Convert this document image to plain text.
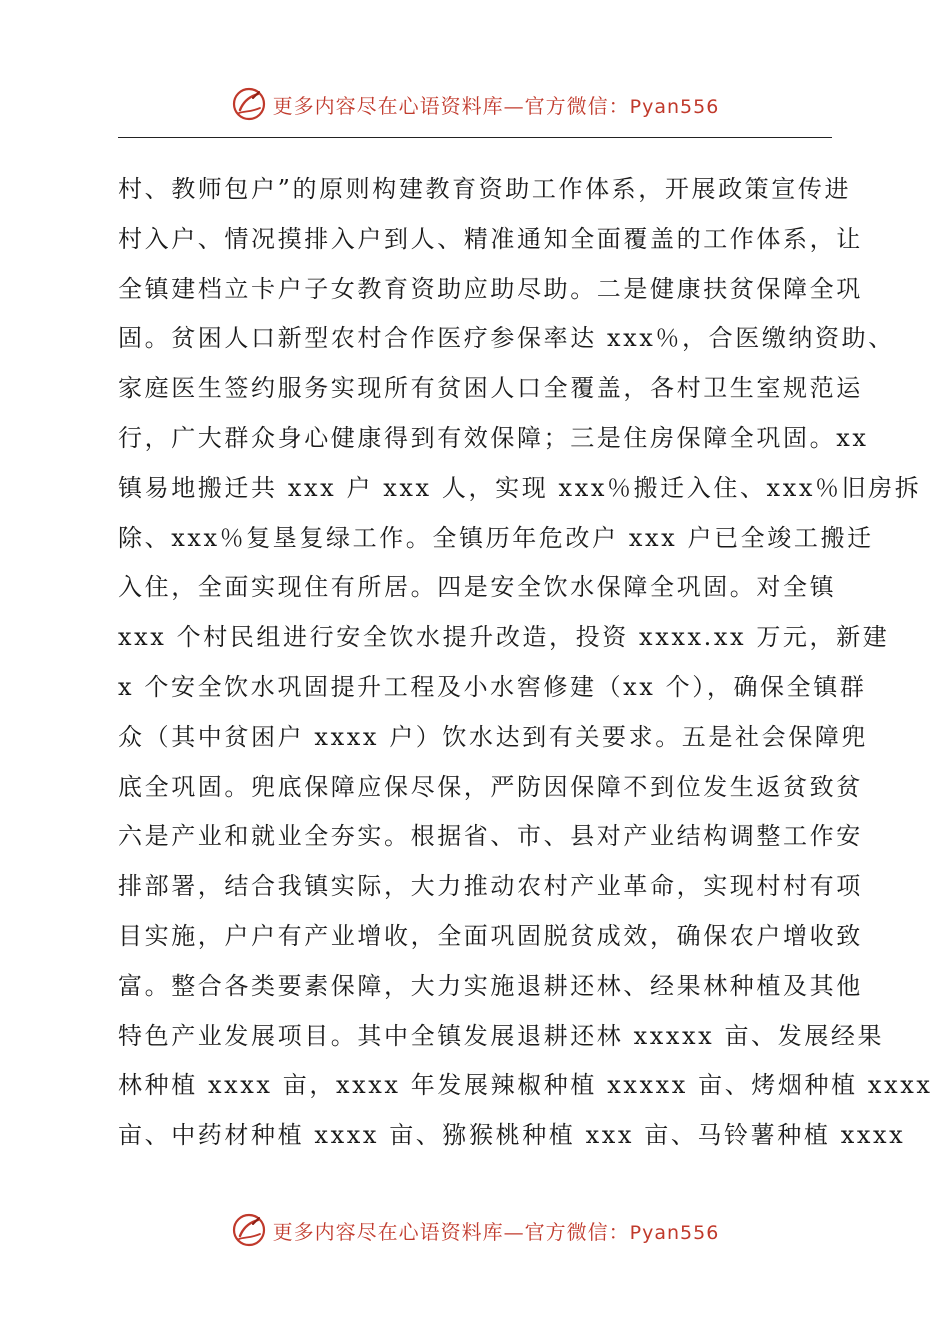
更多内容尽在心语资料库—官方微信：Pyan556
村、教师包户”的原则构建教育资助工作体系，开展政策宣传进
村入户、情况摸排入户到人、精准通知全面覆盖的工作体系，让
全镇建档立卡户子女教育资助应助尽助。二是健康扶贫保障全巩
固。贫困人口新型农村合作医疗参保率达 xxx％，合医缴纳资助、
家庭医生签约服务实现所有贫困人口全覆盖，各村卫生室规范运
行，广大群众身心健康得到有效保障；三是住房保障全巩固。xx
镇易地搬迁共 xxx 户 xxx 人，实现 xxx％搬迁入住、xxx％旧房拆
除、xxx％复垦复绿工作。全镇历年危改户 xxx 户已全竣工搬迁
入住，全面实现住有所居。四是安全饮水保障全巩固。对全镇
xxx 个村民组进行安全饮水提升改造，投资 xxxx.xx 万元，新建
x 个安全饮水巩固提升工程及小水窖修建（xx 个），确保全镇群
众（其中贫困户 xxxx 户）饮水达到有关要求。五是社会保障兜
底全巩固。兜底保障应保尽保，严防因保障不到位发生返贫致贫
六是产业和就业全夯实。根据省、市、县对产业结构调整工作安
排部署，结合我镇实际，大力推动农村产业革命，实现村村有项
目实施，户户有产业增收，全面巩固脱贫成效，确保农户增收致
富。整合各类要素保障，大力实施退耕还林、经果林种植及其他
特色产业发展项目。其中全镇发展退耕还林 xxxxx 亩、发展经果
林种植 xxxx 亩，xxxx 年发展辣椒种植 xxxxx 亩、烤烟种植 xxxx
亩、中药材种植 xxxx 亩、猕猴桃种植 xxx 亩、马铃薯种植 xxxx
更多内容尽在心语资料库—官方微信：Pyan556
